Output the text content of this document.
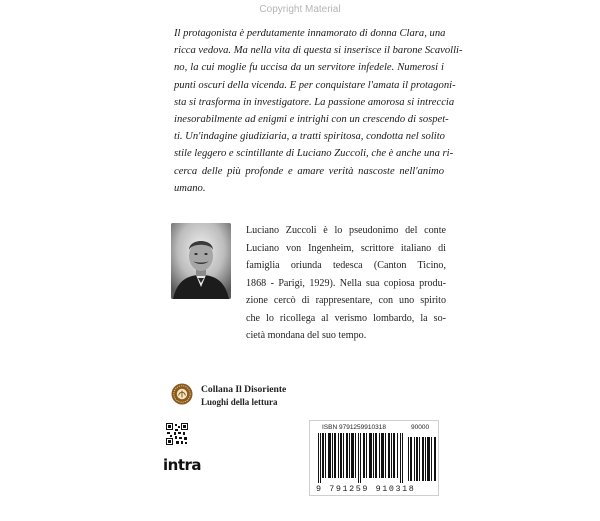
Copyright Material
Il protagonista è perdutamente innamorato di donna Clara, una
ricca vedova. Ma nella vita di questa si inserisce il barone Scavolli-
no, la cui moglie fu uccisa da un servitore infedele. Numerosi i
punti oscuri della vicenda. E per conquistare l'amata il protagoni-
sta si trasforma in investigatore. La passione amorosa si intreccia
inesorabilmente ad enigmi e intrighi con un crescendo di sospet-
ti. Un'indagine giudiziaria, a tratti spiritosa, condotta nel solito
stile leggero e scintillante di Luciano Zuccoli, che è anche una ri-
cerca delle più profonde e amare verità nascoste nell'animo
umano.
Luciano Zuccoli è lo pseudonimo del conte
Luciano von Ingenheim, scrittore italiano di
famiglia oriunda tedesca (Canton Ticino,
1868 - Parigi, 1929). Nella sua copiosa produ-
zione cercò di rappresentare, con uno spirito
che lo ricollega al verismo lombardo, la so-
cietà mondana del suo tempo.
Collana Il Disoriente
Luoghi della lettura
intra
ISBN 9791259910318	90000
9 791259 910318
